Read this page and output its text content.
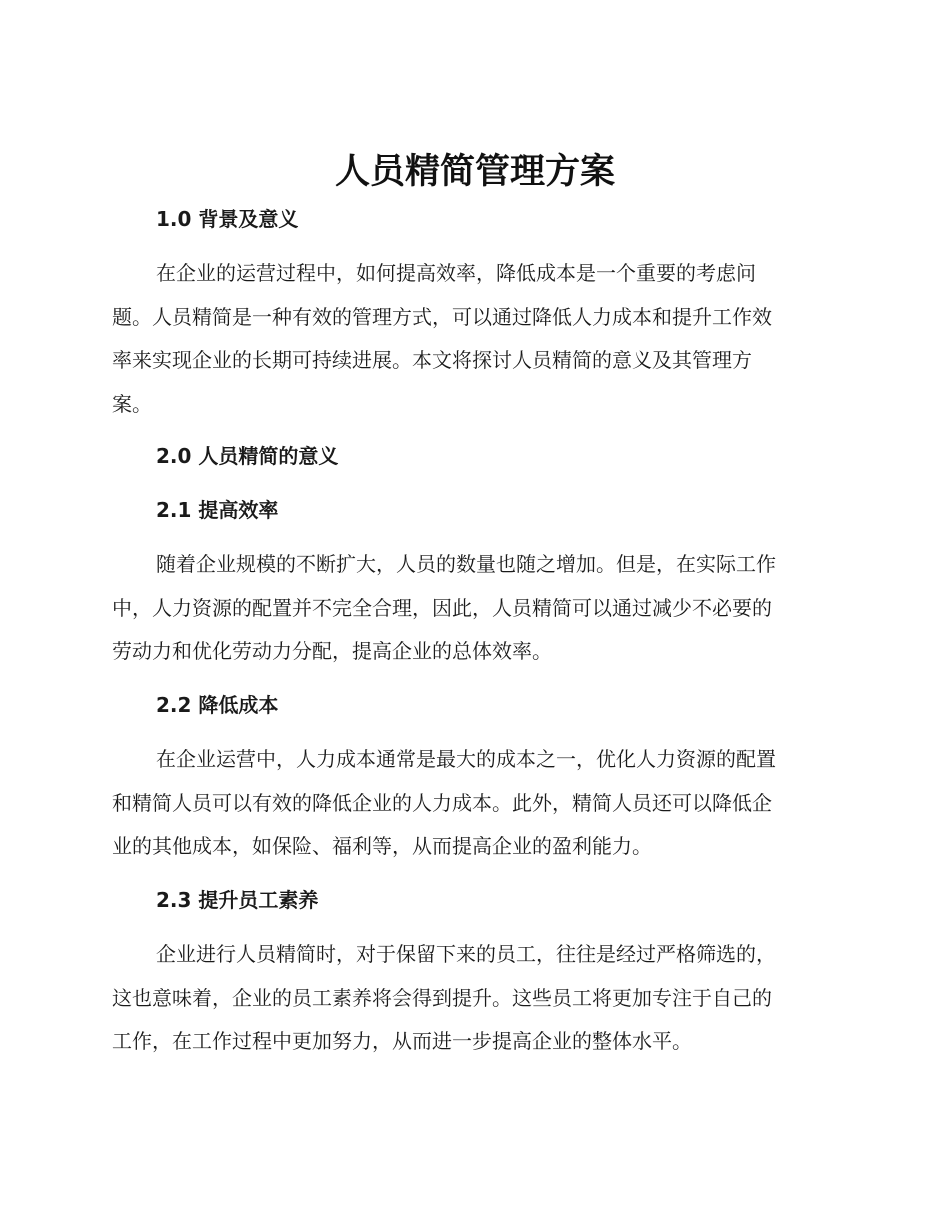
人员精简管理方案
1.0 背景及意义

在企业的运营过程中，如何提高效率，降低成本是一个重要的考虑问
题。人员精简是一种有效的管理方式，可以通过降低人力成本和提升工作效
率来实现企业的长期可持续进展。本文将探讨人员精简的意义及其管理方
案。

2.0 人员精简的意义
2.1 提高效率

随着企业规模的不断扩大，人员的数量也随之增加。但是，在实际工作
中，人力资源的配置并不完全合理，因此，人员精简可以通过减少不必要的
劳动力和优化劳动力分配，提高企业的总体效率。

2.2 降低成本

在企业运营中，人力成本通常是最大的成本之一，优化人力资源的配置
和精简人员可以有效的降低企业的人力成本。此外，精简人员还可以降低企
业的其他成本，如保险、福利等，从而提高企业的盈利能力。

2.3 提升员工素养

企业进行人员精简时，对于保留下来的员工，往往是经过严格筛选的，
这也意味着，企业的员工素养将会得到提升。这些员工将更加专注于自己的
工作，在工作过程中更加努力，从而进一步提高企业的整体水平。
